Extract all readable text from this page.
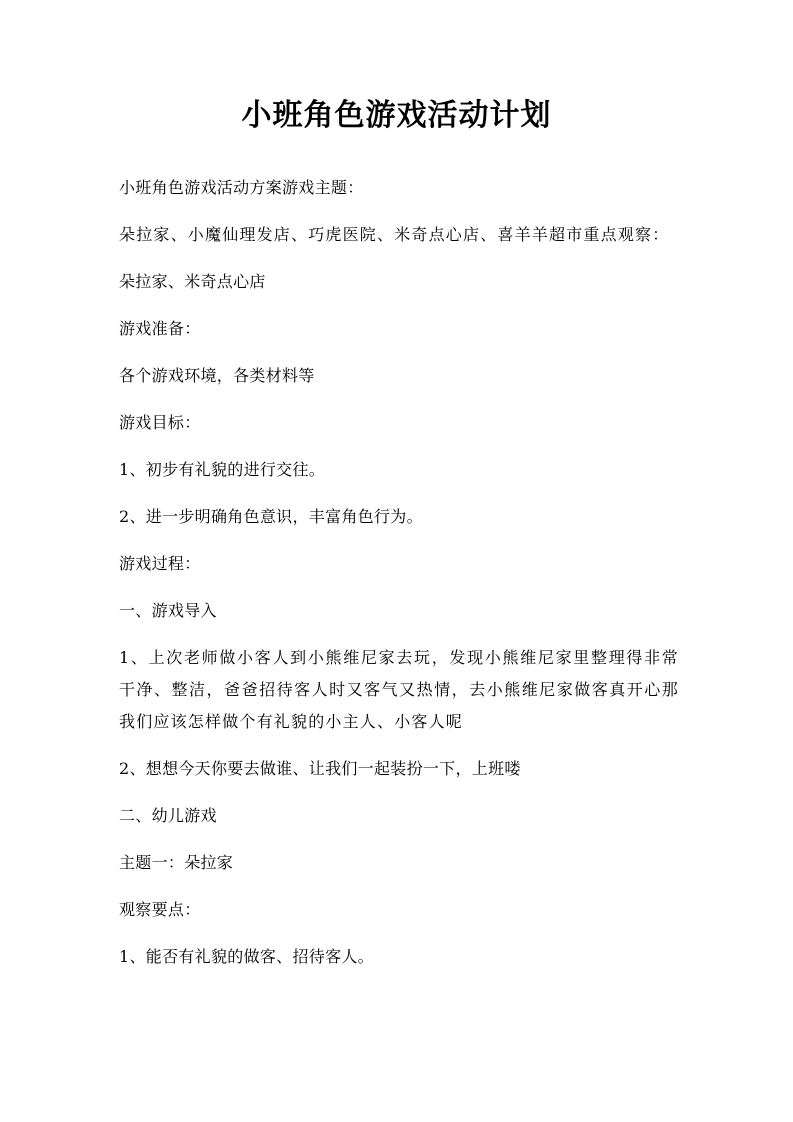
小班角色游戏活动计划

小班角色游戏活动方案游戏主题：

朵拉家、小魔仙理发店、巧虎医院、米奇点心店、喜羊羊超市重点观察：

朵拉家、米奇点心店

游戏准备：

各个游戏环境，各类材料等

游戏目标：

1、初步有礼貌的进行交往。

2、进一步明确角色意识，丰富角色行为。

游戏过程：

一、游戏导入

1、上次老师做小客人到小熊维尼家去玩，发现小熊维尼家里整理得非常干净、整洁，爸爸招待客人时又客气又热情，去小熊维尼家做客真开心那我们应该怎样做个有礼貌的小主人、小客人呢

2、想想今天你要去做谁、让我们一起装扮一下，上班喽

二、幼儿游戏

主题一：朵拉家

观察要点：

1、能否有礼貌的做客、招待客人。
